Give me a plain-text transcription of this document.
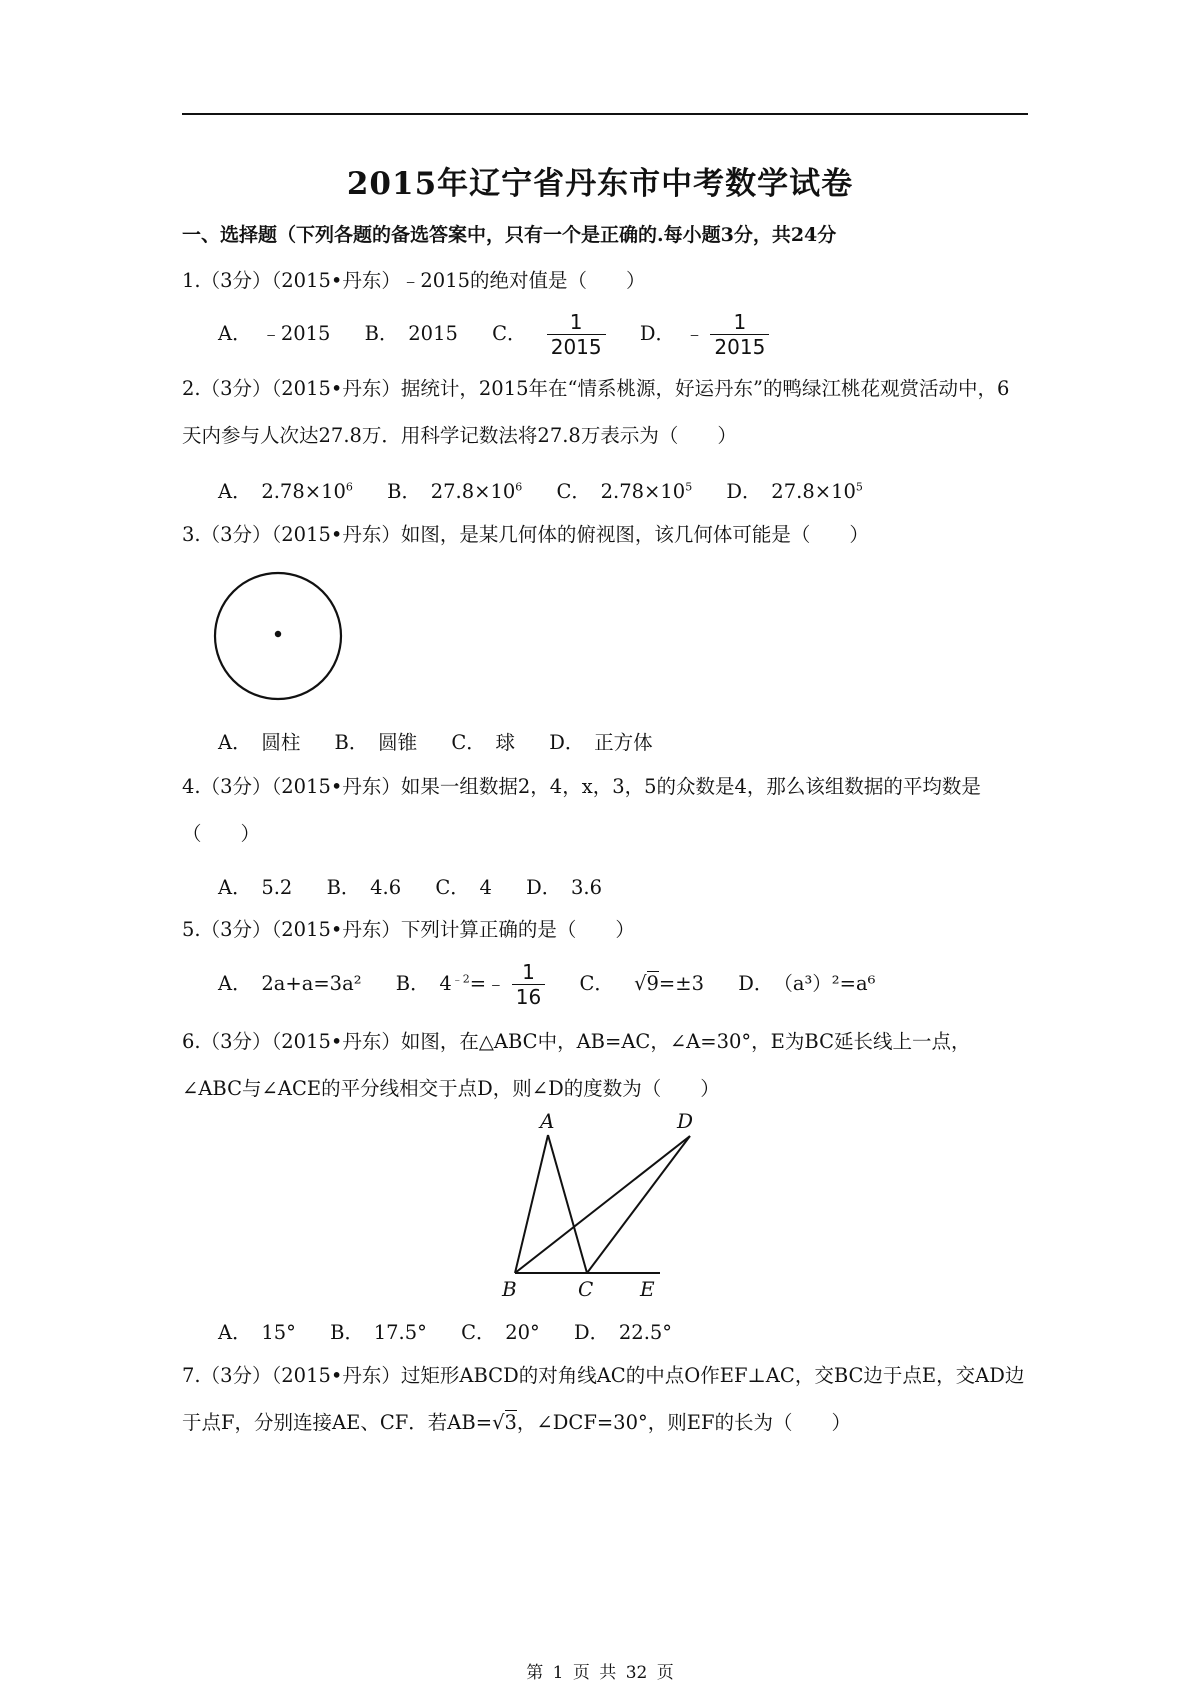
2015年辽宁省丹东市中考数学试卷
一、选择题（下列各题的备选答案中，只有一个是正确的.每小题3分，共24分
1.（3分）（2015•丹东）﹣2015的绝对值是（　　）
A．　﹣2015 B．　2015 C． $\frac{1}{2015}$ D．　﹣ $\frac{1}{2015}$
2.（3分）（2015•丹东）据统计，2015年在“情系桃源，好运丹东”的鸭绿江桃花观赏活动中，6天内参与人次达27.8万．用科学记数法将27.8万表示为（　　）
A．　$2.78\times 10^6$ B．　$27.8\times 10^6$ C．　$2.78\times 10^5$ D．　$27.8\times 10^5$
3.（3分）（2015•丹东）如图，是某几何体的俯视图，该几何体可能是（　　）
A．　圆柱 B．　圆锥 C．　球 D．　正方体
4.（3分）（2015•丹东）如果一组数据2，4，x，3，5的众数是4，那么该组数据的平均数是（　　）
A．　5.2 B．　4.6 C．　4 D．　3.6
5.（3分）（2015•丹东）下列计算正确的是（　　）
A．　2a+a=3a² B．　$4^{﹣2}=﹣ \frac{1}{16}$ C． √9=±3 D．　（a³）²=a⁶
6.（3分）（2015•丹东）如图，在△ABC中，AB=AC，∠A=30°，E为BC延长线上一点，∠ABC与∠ACE的平分线相交于点D，则∠D的度数为（　　）
A	D
B	C E
A．　15° B．　17.5° C．　20° D．　22.5°
7.（3分）（2015•丹东）过矩形ABCD的对角线AC的中点O作EF⊥AC，交BC边于点E，交AD边于点F，分别连接AE、CF．若AB=√3，∠DCF=30°，则EF的长为（　　）
第 1 页 共 32 页
